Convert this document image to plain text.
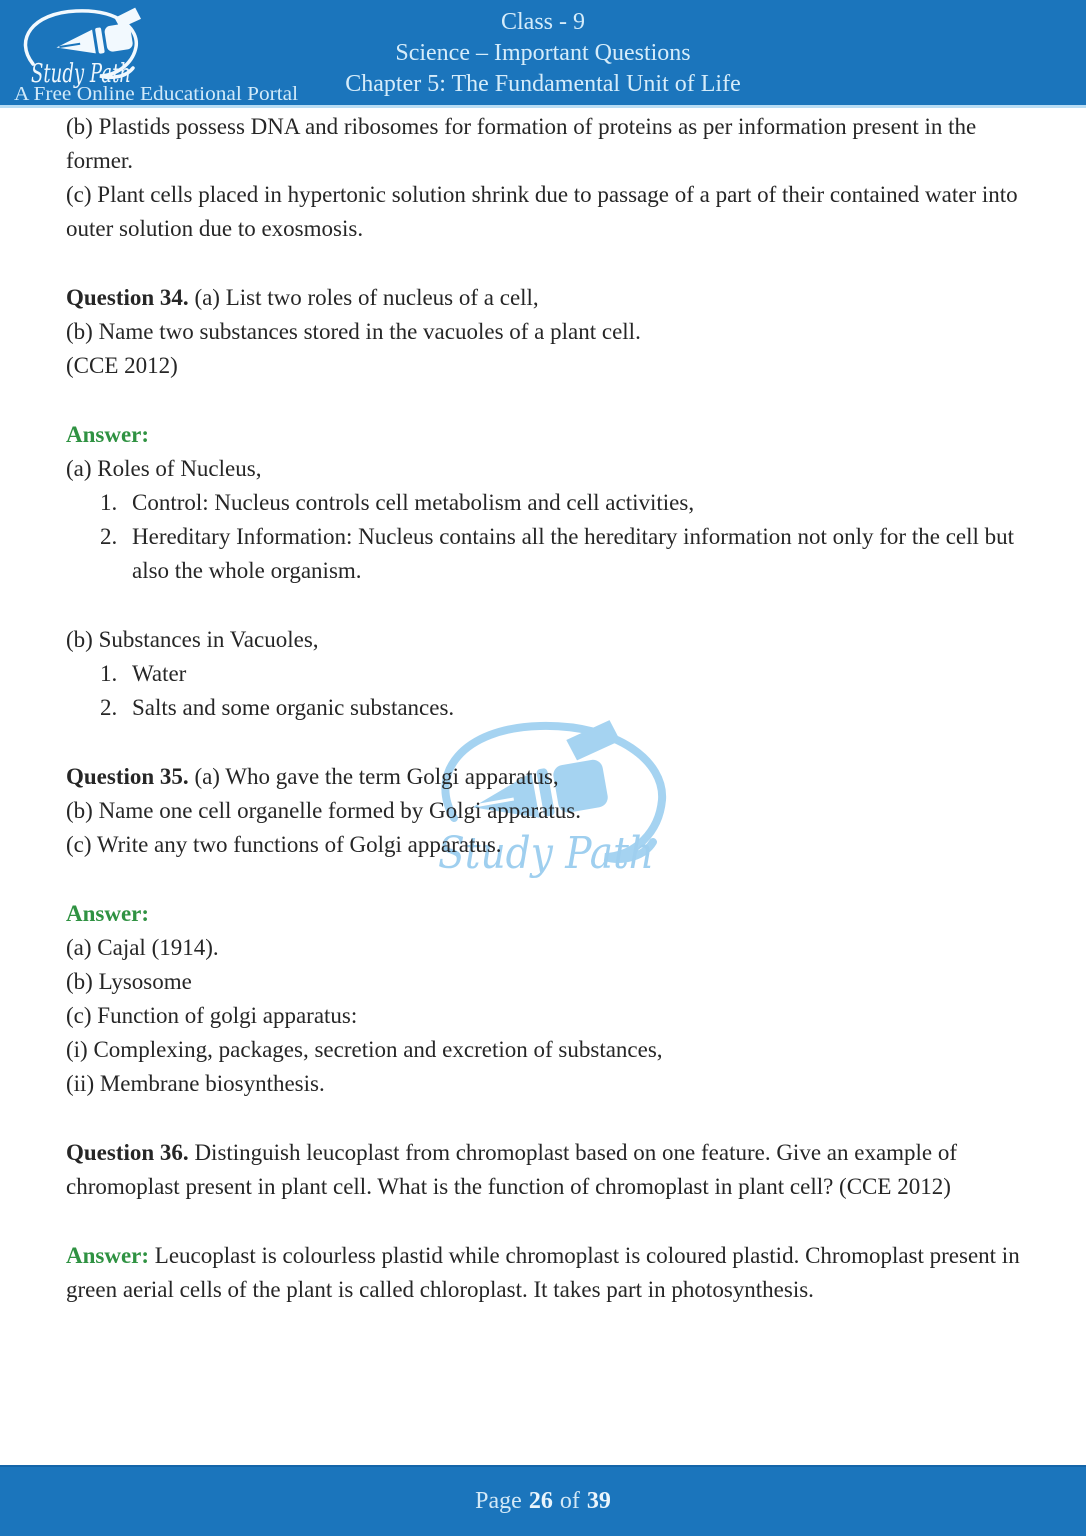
Study Path
A Free Online Educational Portal
Class - 9
Science – Important Questions
Chapter 5: The Fundamental Unit of Life
Study Path
(b) Plastids possess DNA and ribosomes for formation of proteins as per information present in the former.
(c) Plant cells placed in hypertonic solution shrink due to passage of a part of their contained water into outer solution due to exosmosis.
Question 34. (a) List two roles of nucleus of a cell,
(b) Name two substances stored in the vacuoles of a plant cell.
(CCE 2012)
Answer:
(a) Roles of Nucleus,
1. Control: Nucleus controls cell metabolism and cell activities,
2. Hereditary Information: Nucleus contains all the hereditary information not only for the cell but also the whole organism.
(b) Substances in Vacuoles,
1. Water
2. Salts and some organic substances.
Question 35. (a) Who gave the term Golgi apparatus,
(b) Name one cell organelle formed by Golgi apparatus.
(c) Write any two functions of Golgi apparatus.
Answer:
(a) Cajal (1914).
(b) Lysosome
(c) Function of golgi apparatus:
(i) Complexing, packages, secretion and excretion of substances,
(ii) Membrane biosynthesis.
Question 36. Distinguish leucoplast from chromoplast based on one feature. Give an example of chromoplast present in plant cell. What is the function of chromoplast in plant cell? (CCE 2012)
Answer: Leucoplast is colourless plastid while chromoplast is coloured plastid. Chromoplast present in green aerial cells of the plant is called chloroplast. It takes part in photosynthesis.
Page 26 of 39
